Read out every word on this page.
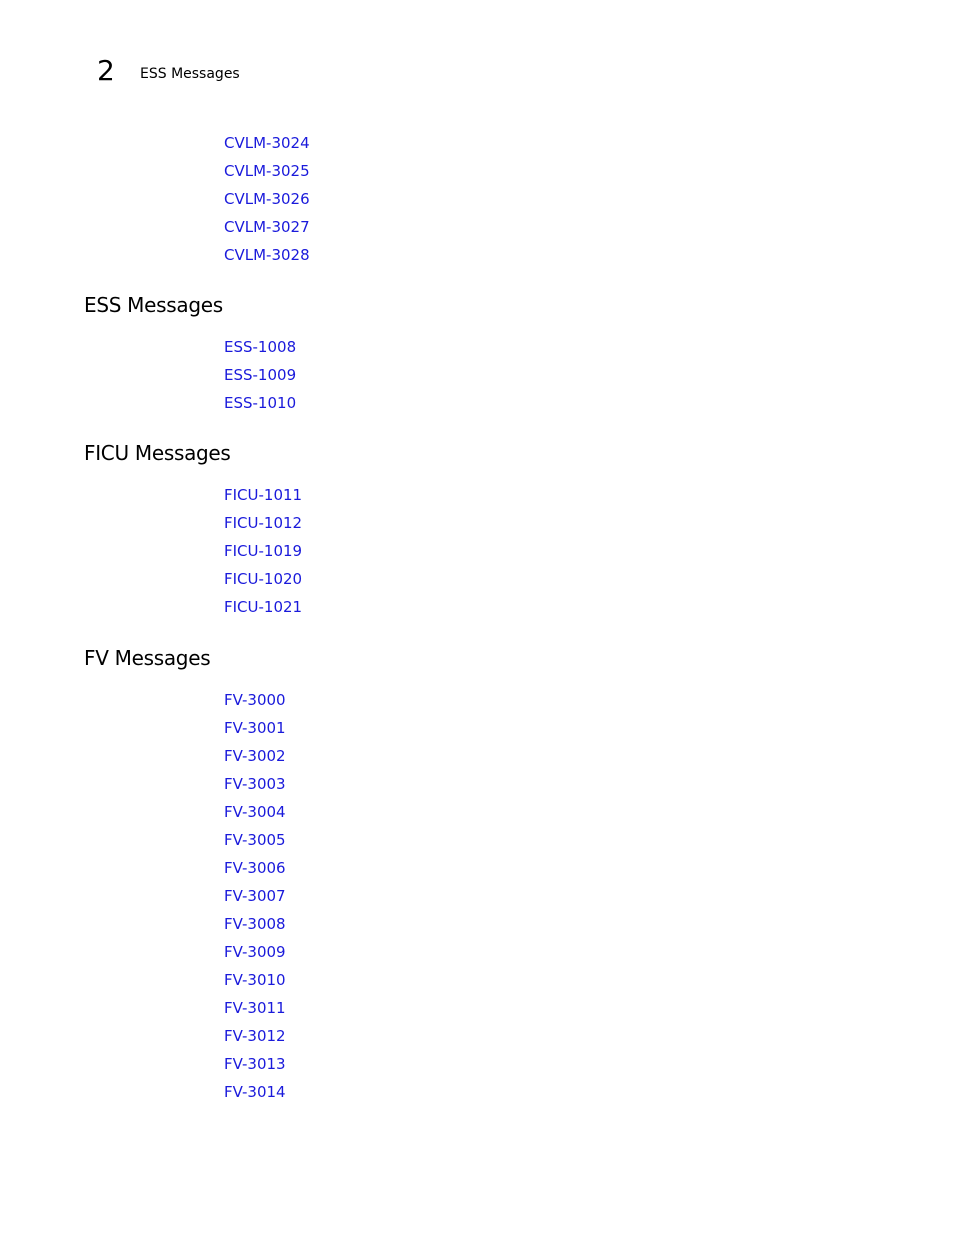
2 ESS Messages
CVLM-3024
CVLM-3025
CVLM-3026
CVLM-3027
CVLM-3028
ESS Messages
ESS-1008
ESS-1009
ESS-1010
FICU Messages
FICU-1011
FICU-1012
FICU-1019
FICU-1020
FICU-1021
FV Messages
FV-3000
FV-3001
FV-3002
FV-3003
FV-3004
FV-3005
FV-3006
FV-3007
FV-3008
FV-3009
FV-3010
FV-3011
FV-3012
FV-3013
FV-3014
